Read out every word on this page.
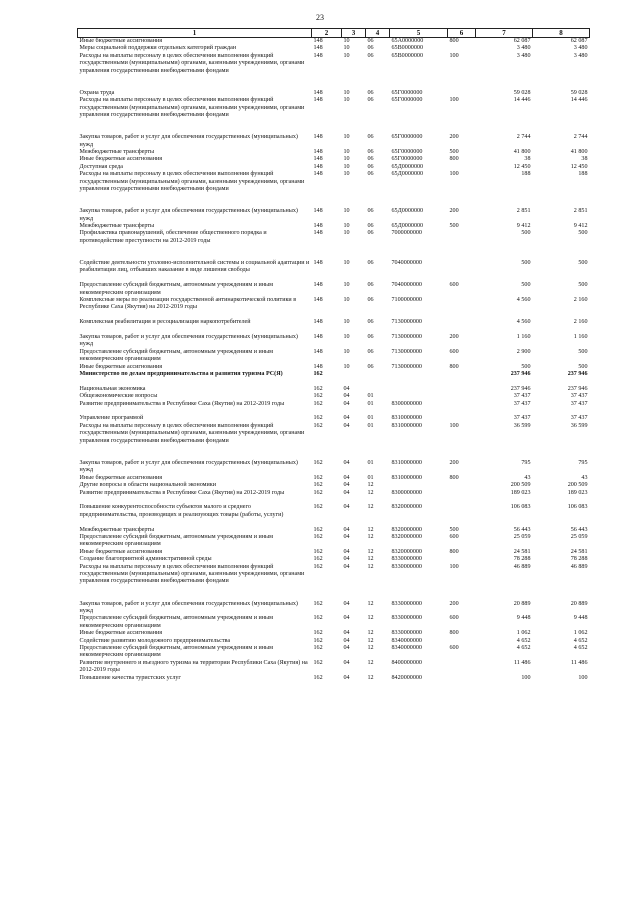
23
1	2	3	4	5	6	7	8
Иные бюджетные ассигнования	148	10	06	65А0000000	800	62 087	62 087
Меры социальной поддержки отдельных категорий граждан	148	10	06	65В0000000		3 480	3 480
Расходы на выплаты персоналу в целях обеспечения выполнения функций государственными (муниципальными) органами, казенными учреждениями, органами управления государственными внебюджетными фондами	148	10	06	65В0000000	100	3 480	3 480
Охрана труда	148	10	06	65Г0000000		59 028	59 028
Расходы на выплаты персоналу в целях обеспечения выполнения функций государственными (муниципальными) органами, казенными учреждениями, органами управления государственными внебюджетными фондами	148	10	06	65Г0000000	100	14 446	14 446
Закупка товаров, работ и услуг для обеспечения государственных (муниципальных) нужд	148	10	06	65Г0000000	200	2 744	2 744
Межбюджетные трансферты	148	10	06	65Г0000000	500	41 800	41 800
Иные бюджетные ассигнования	148	10	06	65Г0000000	800	38	38
Доступная среда	148	10	06	65Д0000000		12 450	12 450
Расходы на выплаты персоналу в целях обеспечения выполнения функций государственными (муниципальными) органами, казенными учреждениями, органами управления государственными внебюджетными фондами	148	10	06	65Д0000000	100	188	188
Закупка товаров, работ и услуг для обеспечения государственных (муниципальных) нужд	148	10	06	65Д0000000	200	2 851	2 851
Межбюджетные трансферты	148	10	06	65Д0000000	500	9 412	9 412
Профилактика правонарушений, обеспечение общественного порядка и противодействие преступности на 2012-2019 годы	148	10	06	7000000000		500	500
Содействие деятельности уголовно-исполнительной системы и социальной адаптации и реабилитации лиц, отбывших наказание в виде лишения свободы	148	10	06	7040000000		500	500
Предоставление субсидий бюджетным, автономным учреждениям и иным некоммерческим организациям	148	10	06	7040000000	600	500	500
Комплексные меры по реализации государственной антинаркотической политики в Республике Саха (Якутия) на 2012-2019 годы	148	10	06	7100000000		4 560	2 160
Комплексная реабилитация и ресоциализация наркопотребителей	148	10	06	7130000000		4 560	2 160
Закупка товаров, работ и услуг для обеспечения государственных (муниципальных) нужд	148	10	06	7130000000	200	1 160	1 160
Предоставление субсидий бюджетным, автономным учреждениям и иным некоммерческим организациям	148	10	06	7130000000	600	2 900	500
Иные бюджетные ассигнования	148	10	06	7130000000	800	500	500
Министерство по делам предпринимательства и развития туризма РС(Я)	162					237 946	237 946
Национальная экономика	162	04				237 946	237 946
Общеэкономические вопросы	162	04	01			37 437	37 437
Развитие предпринимательства в Республике Саха (Якутия) на 2012-2019 годы	162	04	01	8300000000		37 437	37 437
Управление программой	162	04	01	8310000000		37 437	37 437
Расходы на выплаты персоналу в целях обеспечения выполнения функций государственными (муниципальными) органами, казенными учреждениями, органами управления государственными внебюджетными фондами	162	04	01	8310000000	100	36 599	36 599
Закупка товаров, работ и услуг для обеспечения государственных (муниципальных) нужд	162	04	01	8310000000	200	795	795
Иные бюджетные ассигнования	162	04	01	8310000000	800	43	43
Другие вопросы в области национальной экономики	162	04	12			200 509	200 509
Развитие предпринимательства в Республике Саха (Якутия) на 2012-2019 годы	162	04	12	8300000000		189 023	189 023
Повышение конкурентоспособности субъектов малого и среднего предпринимательства, производящих и реализующих товары (работы, услуги)	162	04	12	8320000000		106 083	106 083
Межбюджетные трансферты	162	04	12	8320000000	500	56 443	56 443
Предоставление субсидий бюджетным, автономным учреждениям и иным некоммерческим организациям	162	04	12	8320000000	600	25 059	25 059
Иные бюджетные ассигнования	162	04	12	8320000000	800	24 581	24 581
Создание благоприятной административной среды	162	04	12	8330000000		78 288	78 288
Расходы на выплаты персоналу в целях обеспечения выполнения функций государственными (муниципальными) органами, казенными учреждениями, органами управления государственными внебюджетными фондами	162	04	12	8330000000	100	46 889	46 889
Закупка товаров, работ и услуг для обеспечения государственных (муниципальных) нужд	162	04	12	8330000000	200	20 889	20 889
Предоставление субсидий бюджетным, автономным учреждениям и иным некоммерческим организациям	162	04	12	8330000000	600	9 448	9 448
Иные бюджетные ассигнования	162	04	12	8330000000	800	1 062	1 062
Содействие развитию молодежного предпринимательства	162	04	12	8340000000		4 652	4 652
Предоставление субсидий бюджетным, автономным учреждениям и иным некоммерческим организациям	162	04	12	8340000000	600	4 652	4 652
Развитие внутреннего и въездного туризма на территории Республики Саха (Якутия) на 2012-2019 годы	162	04	12	8400000000		11 486	11 486
Повышение качества туристских услуг	162	04	12	8420000000		100	100
